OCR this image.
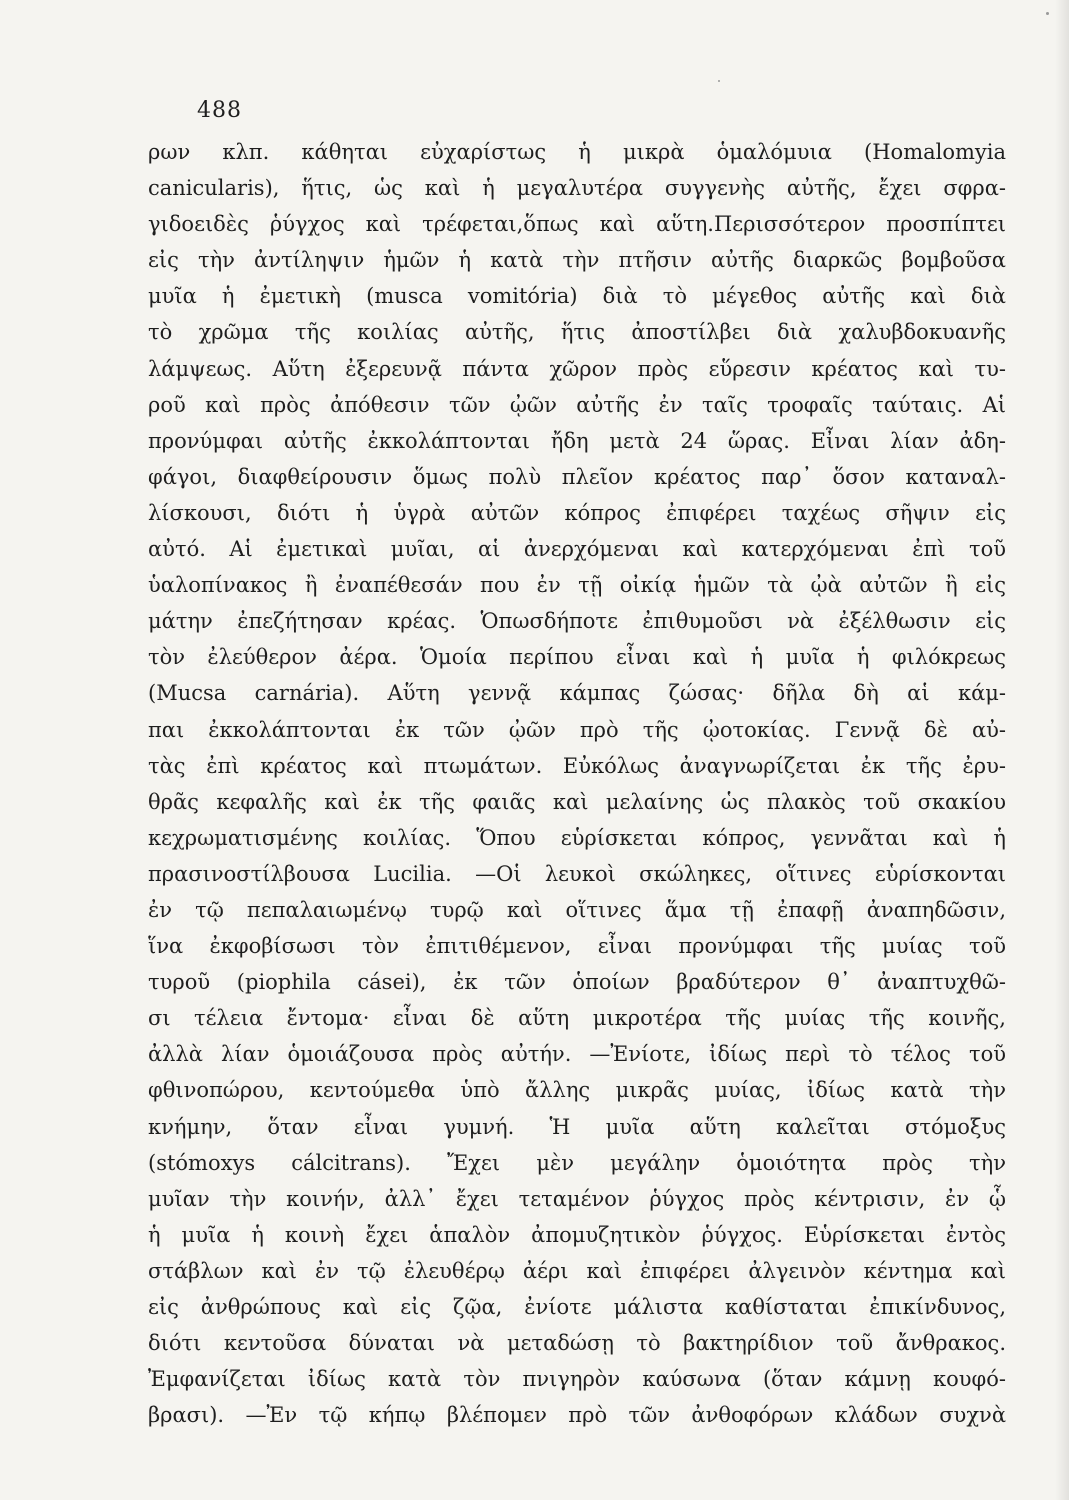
488
ρων κλπ. κάθηται εὐχαρίστως ἡ μικρὰ ὁμαλόμυια (Homalomyia
canicularis), ἥτις, ὡς καὶ ἡ μεγαλυτέρα συγγενὴς αὐτῆς, ἔχει σφρα-
γιδοειδὲς ῥύγχος καὶ τρέφεται,ὅπως καὶ αὕτη.Περισσότερον προσπίπτει
εἰς τὴν ἀντίληψιν ἡμῶν ἡ κατὰ τὴν πτῆσιν αὐτῆς διαρκῶς βομβοῦσα
μυῖα ἡ ἐμετικὴ (musca vomitória) διὰ τὸ μέγεθος αὐτῆς καὶ διὰ
τὸ χρῶμα τῆς κοιλίας αὐτῆς, ἥτις ἀποστίλβει διὰ χαλυβδοκυανῆς
λάμψεως. Αὕτη ἐξερευνᾷ πάντα χῶρον πρὸς εὕρεσιν κρέατος καὶ τυ-
ροῦ καὶ πρὸς ἀπόθεσιν τῶν ᾠῶν αὐτῆς ἐν ταῖς τροφαῖς ταύταις. Αἱ
προνύμφαι αὐτῆς ἐκκολάπτονται ἤδη μετὰ 24 ὥρας. Εἶναι λίαν ἀδη-
φάγοι, διαφθείρουσιν ὅμως πολὺ πλεῖον κρέατος παρ᾽ ὅσον καταναλ-
λίσκουσι, διότι ἡ ὑγρὰ αὐτῶν κόπρος ἐπιφέρει ταχέως σῆψιν εἰς
αὐτό. Αἱ ἐμετικαὶ μυῖαι, αἱ ἀνερχόμεναι καὶ κατερχόμεναι ἐπὶ τοῦ
ὑαλοπίνακος ἢ ἐναπέθεσάν που ἐν τῇ οἰκίᾳ ἡμῶν τὰ ᾠὰ αὐτῶν ἢ εἰς
μάτην ἐπεζήτησαν κρέας. Ὁπωσδήποτε ἐπιθυμοῦσι νὰ ἐξέλθωσιν εἰς
τὸν ἐλεύθερον ἀέρα. Ὁμοία περίπου εἶναι καὶ ἡ μυῖα ἡ φιλόκρεως
(Mucsa carnária). Αὕτη γεννᾷ κάμπας ζώσας· δῆλα δὴ αἱ κάμ-
παι ἐκκολάπτονται ἐκ τῶν ᾠῶν πρὸ τῆς ᾠοτοκίας. Γεννᾷ δὲ αὐ-
τὰς ἐπὶ κρέατος καὶ πτωμάτων. Εὐκόλως ἀναγνωρίζεται ἐκ τῆς ἐρυ-
θρᾶς κεφαλῆς καὶ ἐκ τῆς φαιᾶς καὶ μελαίνης ὡς πλακὸς τοῦ σκακίου
κεχρωματισμένης κοιλίας. Ὅπου εὑρίσκεται κόπρος, γεννᾶται καὶ ἡ
πρασινοστίλβουσα Lucilia. —Οἱ λευκοὶ σκώληκες, οἵτινες εὑρίσκονται
ἐν τῷ πεπαλαιωμένῳ τυρῷ καὶ οἵτινες ἅμα τῇ ἐπαφῇ ἀναπηδῶσιν,
ἵνα ἐκφοβίσωσι τὸν ἐπιτιθέμενον, εἶναι προνύμφαι τῆς μυίας τοῦ
τυροῦ (piophila cásei), ἐκ τῶν ὁποίων βραδύτερον θ᾽ ἀναπτυχθῶ-
σι τέλεια ἔντομα· εἶναι δὲ αὕτη μικροτέρα τῆς μυίας τῆς κοινῆς,
ἀλλὰ λίαν ὁμοιάζουσα πρὸς αὐτήν. —Ἐνίοτε, ἰδίως περὶ τὸ τέλος τοῦ
φθινοπώρου, κεντούμεθα ὑπὸ ἄλλης μικρᾶς μυίας, ἰδίως κατὰ τὴν
κνήμην, ὅταν εἶναι γυμνή. Ἡ μυῖα αὕτη καλεῖται στόμοξυς
(stómoxys cálcitrans). Ἔχει μὲν μεγάλην ὁμοιότητα πρὸς τὴν
μυῖαν τὴν κοινήν, ἀλλ᾽ ἔχει τεταμένον ῥύγχος πρὸς κέντρισιν, ἐν ᾧ
ἡ μυῖα ἡ κοινὴ ἔχει ἁπαλὸν ἀπομυζητικὸν ῥύγχος. Εὑρίσκεται ἐντὸς
στάβλων καὶ ἐν τῷ ἐλευθέρῳ ἀέρι καὶ ἐπιφέρει ἀλγεινὸν κέντημα καὶ
εἰς ἀνθρώπους καὶ εἰς ζῷα, ἐνίοτε μάλιστα καθίσταται ἐπικίνδυνος,
διότι κεντοῦσα δύναται νὰ μεταδώσῃ τὸ βακτηρίδιον τοῦ ἄνθρακος.
Ἐμφανίζεται ἰδίως κατὰ τὸν πνιγηρὸν καύσωνα (ὅταν κάμνῃ κουφό-
βρασι). —Ἐν τῷ κήπῳ βλέπομεν πρὸ τῶν ἀνθοφόρων κλάδων συχνὰ
